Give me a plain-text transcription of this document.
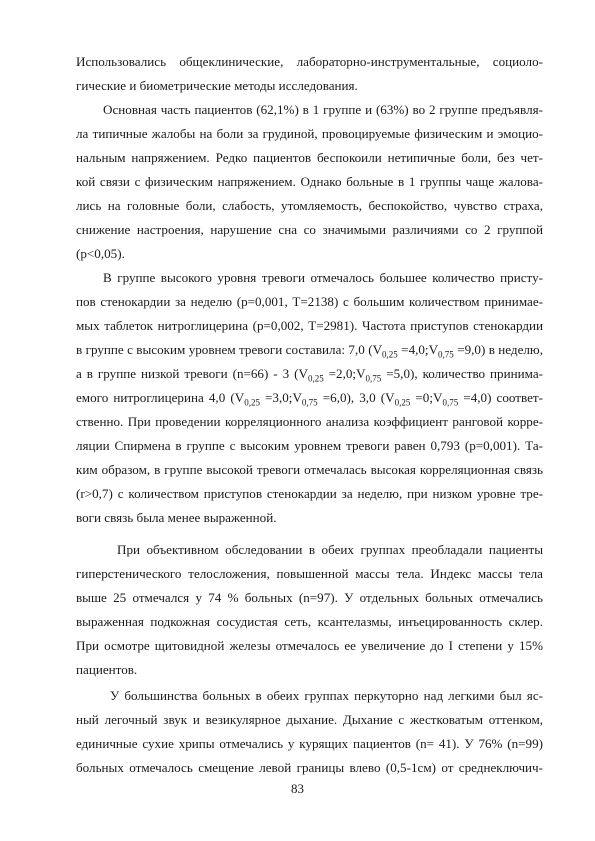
Использовались общеклинические, лабораторно-инструментальные, социоло-
гические и биометрические методы исследования.
Основная часть пациентов (62,1%) в 1 группе и (63%) во 2 группе предъявля-
ла типичные жалобы на боли за грудиной, провоцируемые физическим и эмоцио-
нальным напряжением. Редко пациентов беспокоили нетипичные боли, без чет-
кой связи с физическим напряжением. Однако больные в 1 группы чаще жалова-
лись на головные боли, слабость, утомляемость, беспокойство, чувство страха,
снижение настроения, нарушение сна со значимыми различиями со 2 группой
(р<0,05).
В группе высокого уровня тревоги отмечалось большее количество присту-
пов стенокардии за неделю (р=0,001, Т=2138) с большим количеством принимае-
мых таблеток нитроглицерина (р=0,002, Т=2981). Частота приступов стенокардии
в группе с высоким уровнем тревоги составила: 7,0 ($V_{0,25}$ $=4,0;V_{0,75} =9,0$) в неделю,
а в группе низкой тревоги (n=66) - 3 ($V_{0,25}$ $=2,0;V_{0,75} =5,0$), количество принима-
емого нитроглицерина 4,0 ($V_{0,25}$ $=3,0;V_{0,75} =6,0$), 3,0 ($V_{0,25}$ $=0;V_{0,75} =4,0$) соответ-
ственно. При проведении корреляционного анализа коэффициент ранговой корре-
ляции Спирмена в группе с высоким уровнем тревоги равен 0,793 (р=0,001). Та-
ким образом, в группе высокой тревоги отмечалась высокая корреляционная связь
(r>0,7) с количеством приступов стенокардии за неделю, при низком уровне тре-
воги связь была менее выраженной.
При объективном обследовании в обеих группах преобладали пациенты
гиперстенического телосложения, повышенной массы тела. Индекс массы тела
выше 25 отмечался у 74 % больных (n=97). У отдельных больных отмечались
выраженная подкожная сосудистая сеть, ксантелазмы, инъецированность склер.
При осмотре щитовидной железы отмечалось ее увеличение до I степени у 15%
пациентов.
У большинства больных в обеих группах перкуторно над легкими был яс-
ный легочный звук и везикулярное дыхание. Дыхание с жестковатым оттенком,
единичные сухие хрипы отмечались у курящих пациентов (n= 41). У 76% (n=99)
больных отмечалось смещение левой границы влево (0,5-1см) от среднеключич-
83
